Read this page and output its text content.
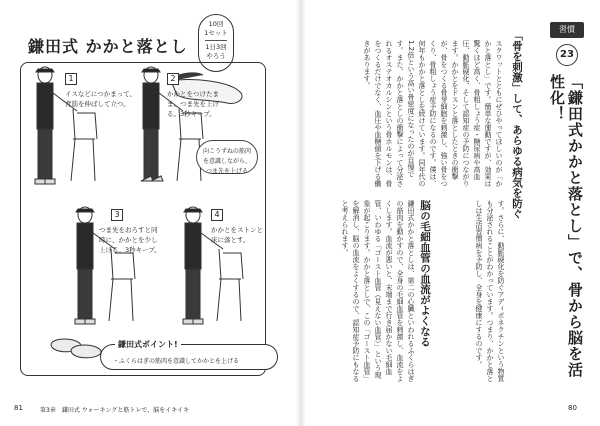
鎌田式 かかと落とし
10回
1セット
1日3回
やろう
1
イスなどにつかまって、
背筋を伸ばして立つ。
2
かかとをつけたま
ま、つま先を上げ
る。3秒キープ。
3
つま先をおろすと同
時に、かかとを少し
上げる。3秒キープ。
4
かかとをストンと
床に落とす。
向こうずねの筋肉
を意識しながら、
つま先を上げる
鎌田式ポイント!
・ふくらはぎの筋肉を意識してかかとを上げる
81	第3章　鎌田式 ウォーキングと筋トレで、脳をイキイキ
習慣
23
「鎌田式かかと落とし」で、骨から脳を活性化！
「骨を刺激」して、あらゆる病気を防ぐ
スクワットとともにぜひやってほしいのが「かかと落とし」です。簡単な運動ですが、効果は驚くほど高く、骨粗しょう症・糖尿病や高血圧、動脈硬化、そして認知症の予防につながります。かかとをドスンと落としたときの衝撃が、骨をつくる骨芽細胞を刺激し、強い骨をつくり、骨粗しょう症予防になるのです。僕は、何年もかかと落としを続けています。同年代の1.2倍という高い骨密度になったのが自慢です。また、かかと落としの衝撃によって分泌されるオステオカルシンという骨ホルモンは、骨をつくるだけでなく、血圧や血糖値を下げる働きがあります。
す。さらに、動脈硬化を防ぐアディポネクチンという物質も分泌されることがわかっています。つまり、かかと落としは生活習慣病を予防し、全身を健康にするのです。
脳の毛細血管の血流がよくなる
鎌田式かかと落としは、第二の心臓といわれるふくらはぎの筋肉を動かすので、全身の毛細血管を刺激し、血流をよくします。血流が悪いと、末端まで行き届かない毛細血管、いわゆる「ゴースト血管（見えない血管）」という現象が起こります。かかと落としで、この「ゴースト血管」を解消し、脳の血流をよくするので、認知症予防にもなると考えられます。
80
